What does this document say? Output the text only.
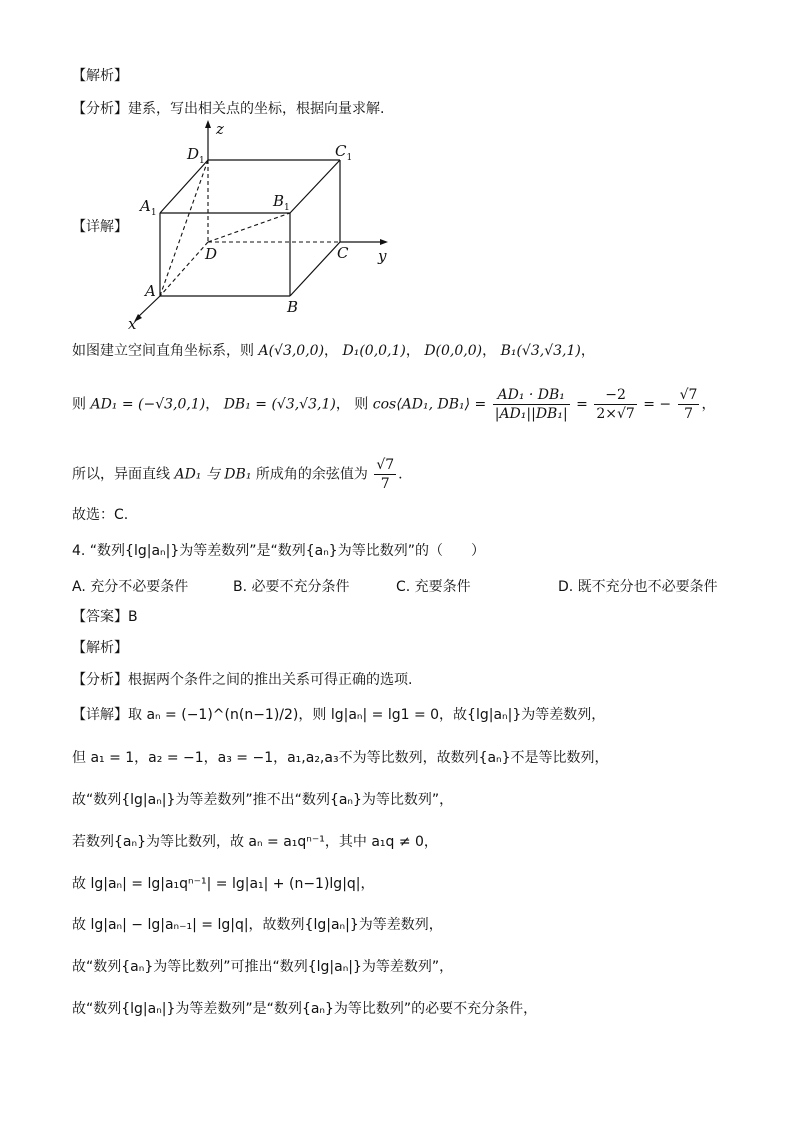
【解析】
【分析】建系，写出相关点的坐标，根据向量求解.
【详解】
z
y
x
A
B
C
D
$A_1$
$B_1$
$C_1$
$D_1$
如图建立空间直角坐标系，则 A(√3,0,0)， D₁(0,0,1)， D(0,0,0)， B₁(√3,√3,1)，
则 AD₁ = (−√3,0,1)， DB₁ = (√3,√3,1)， 则 cos⟨AD₁, DB₁⟩ = $\frac{\text{AD₁ · DB₁}}{\text{|AD₁||DB₁|}} = \frac{-2}{2\times√7}$ = − $\frac{√7}{7}$ ，
所以，异面直线 AD₁ 与 DB₁ 所成角的余弦值为 $\frac{√7}{7}$ .
故选：C.
4. “数列{lg|aₙ|}为等差数列”是“数列{aₙ}为等比数列”的（　　）
A. 充分不必要条件	B. 必要不充分条件	C. 充要条件	D. 既不充分也不必要条件
【答案】B
【解析】
【分析】根据两个条件之间的推出关系可得正确的选项.
【详解】取 aₙ = (−1)^(n(n−1)/2)，则 lg|aₙ| = lg1 = 0，故{lg|aₙ|}为等差数列，
但 a₁ = 1，a₂ = −1，a₃ = −1，a₁,a₂,a₃不为等比数列，故数列{aₙ}不是等比数列，
故“数列{lg|aₙ|}为等差数列”推不出“数列{aₙ}为等比数列”，
若数列{aₙ}为等比数列，故 aₙ = a₁qⁿ⁻¹，其中 a₁q ≠ 0，
故 lg|aₙ| = lg|a₁qⁿ⁻¹| = lg|a₁| + (n−1)lg|q|，
故 lg|aₙ| − lg|aₙ₋₁| = lg|q|，故数列{lg|aₙ|}为等差数列，
故“数列{aₙ}为等比数列”可推出“数列{lg|aₙ|}为等差数列”，
故“数列{lg|aₙ|}为等差数列”是“数列{aₙ}为等比数列”的必要不充分条件，
